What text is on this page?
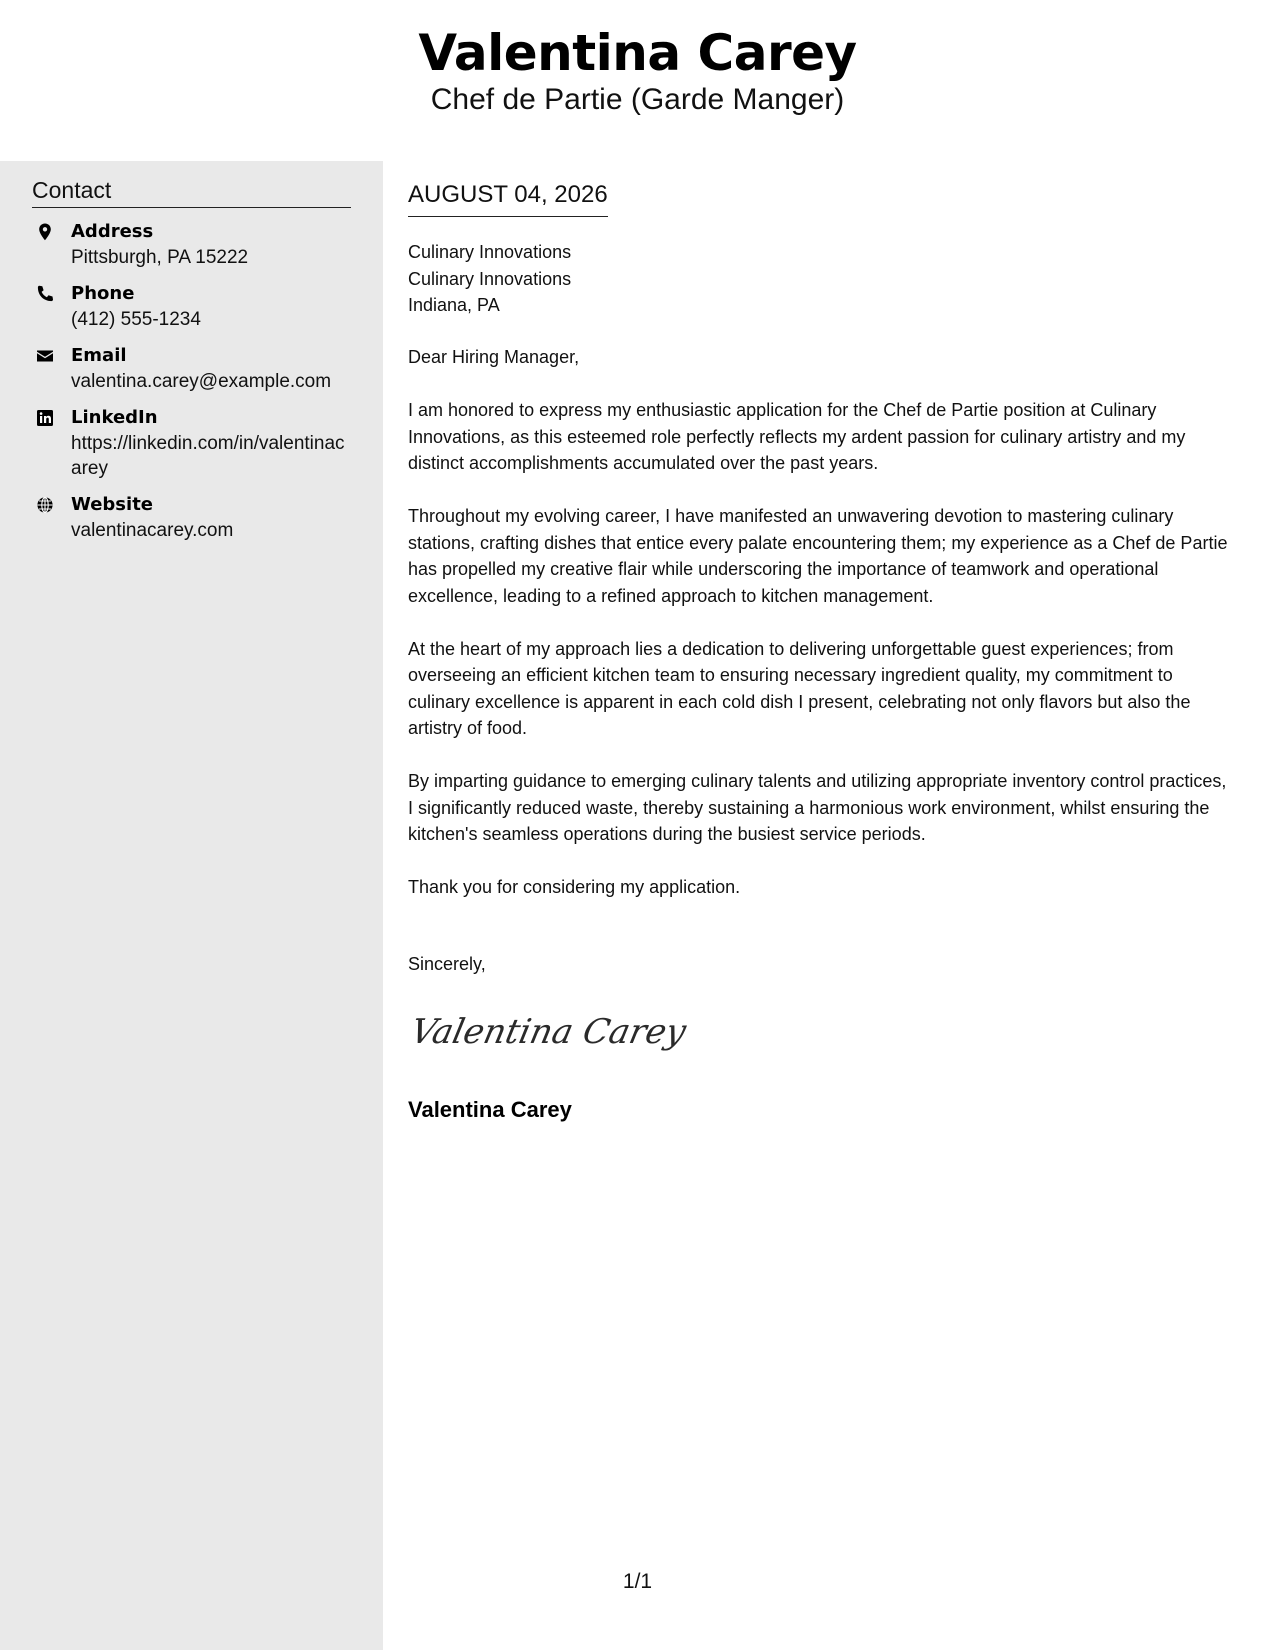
Valentina Carey
Chef de Partie (Garde Manger)
Contact
Address
Pittsburgh, PA 15222
Phone
(412) 555-1234
Email
valentina.carey@example.com
LinkedIn
https://linkedin.com/in/valentinacarey
Website
valentinacarey.com
AUGUST 04, 2026
Culinary Innovations
Culinary Innovations
Indiana, PA

Dear Hiring Manager,

I am honored to express my enthusiastic application for the Chef de Partie position at Culinary Innovations, as this esteemed role perfectly reflects my ardent passion for culinary artistry and my distinct accomplishments accumulated over the past years.

Throughout my evolving career, I have manifested an unwavering devotion to mastering culinary stations, crafting dishes that entice every palate encountering them; my experience as a Chef de Partie has propelled my creative flair while underscoring the importance of teamwork and operational excellence, leading to a refined approach to kitchen management.

At the heart of my approach lies a dedication to delivering unforgettable guest experiences; from overseeing an efficient kitchen team to ensuring necessary ingredient quality, my commitment to culinary excellence is apparent in each cold dish I present, celebrating not only flavors but also the artistry of food.

By imparting guidance to emerging culinary talents and utilizing appropriate inventory control practices, I significantly reduced waste, thereby sustaining a harmonious work environment, whilst ensuring the kitchen's seamless operations during the busiest service periods.

Thank you for considering my application.

Sincerely,
Valentina Carey
Valentina Carey
1/1
